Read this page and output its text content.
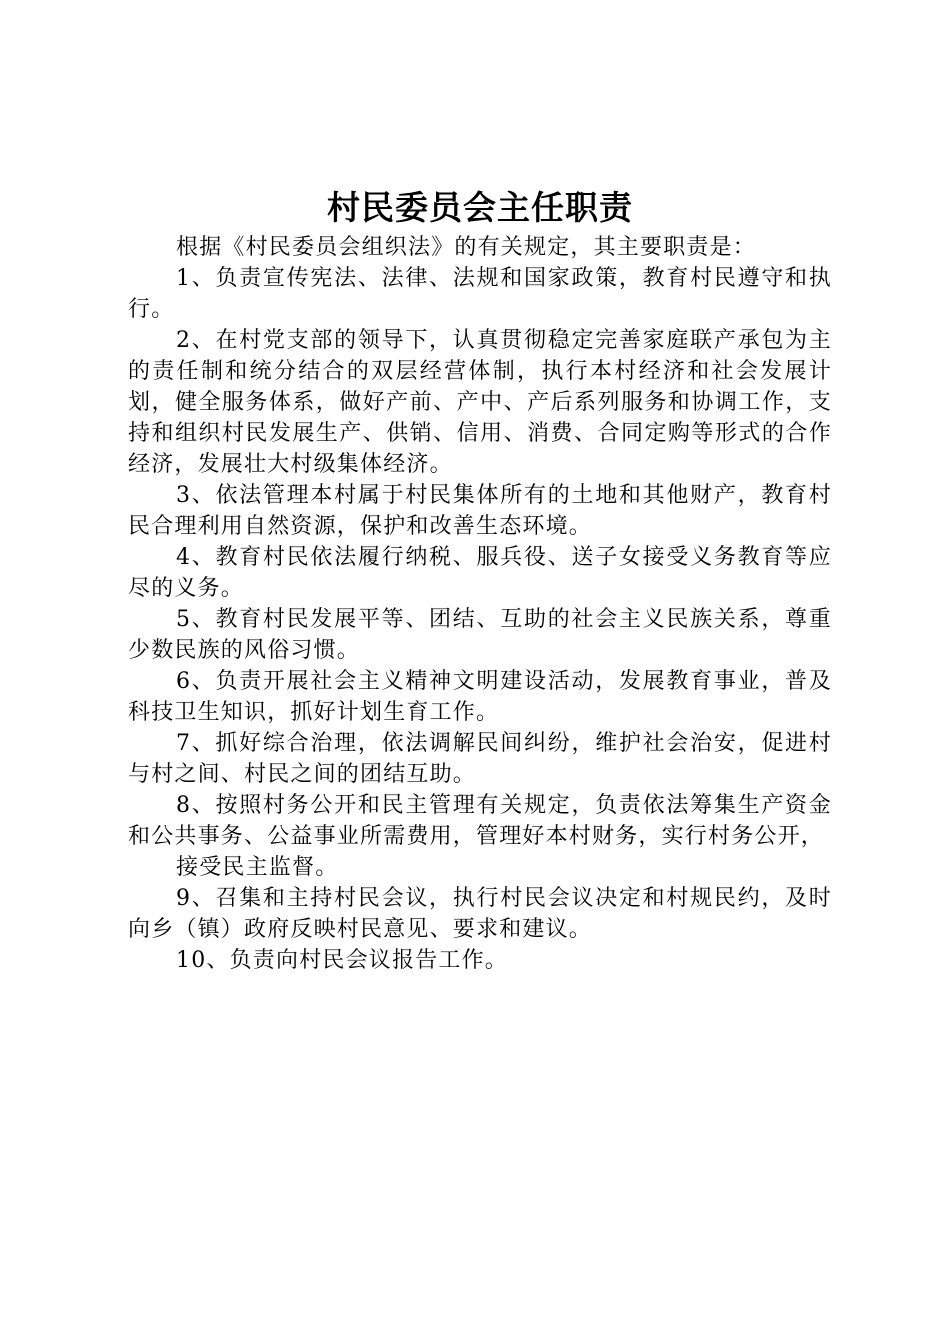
村民委员会主任职责

根据《村民委员会组织法》的有关规定，其主要职责是：

1、负责宣传宪法、法律、法规和国家政策，教育村民遵守和执行。

2、在村党支部的领导下，认真贯彻稳定完善家庭联产承包为主的责任制和统分结合的双层经营体制，执行本村经济和社会发展计划，健全服务体系，做好产前、产中、产后系列服务和协调工作，支持和组织村民发展生产、供销、信用、消费、合同定购等形式的合作经济，发展壮大村级集体经济。

3、依法管理本村属于村民集体所有的土地和其他财产，教育村民合理利用自然资源，保护和改善生态环境。

4、教育村民依法履行纳税、服兵役、送子女接受义务教育等应尽的义务。

5、教育村民发展平等、团结、互助的社会主义民族关系，尊重少数民族的风俗习惯。

6、负责开展社会主义精神文明建设活动，发展教育事业，普及科技卫生知识，抓好计划生育工作。

7、抓好综合治理，依法调解民间纠纷，维护社会治安，促进村与村之间、村民之间的团结互助。

8、按照村务公开和民主管理有关规定，负责依法筹集生产资金和公共事务、公益事业所需费用，管理好本村财务，实行村务公开，

接受民主监督。

9、召集和主持村民会议，执行村民会议决定和村规民约，及时向乡（镇）政府反映村民意见、要求和建议。

10、负责向村民会议报告工作。
